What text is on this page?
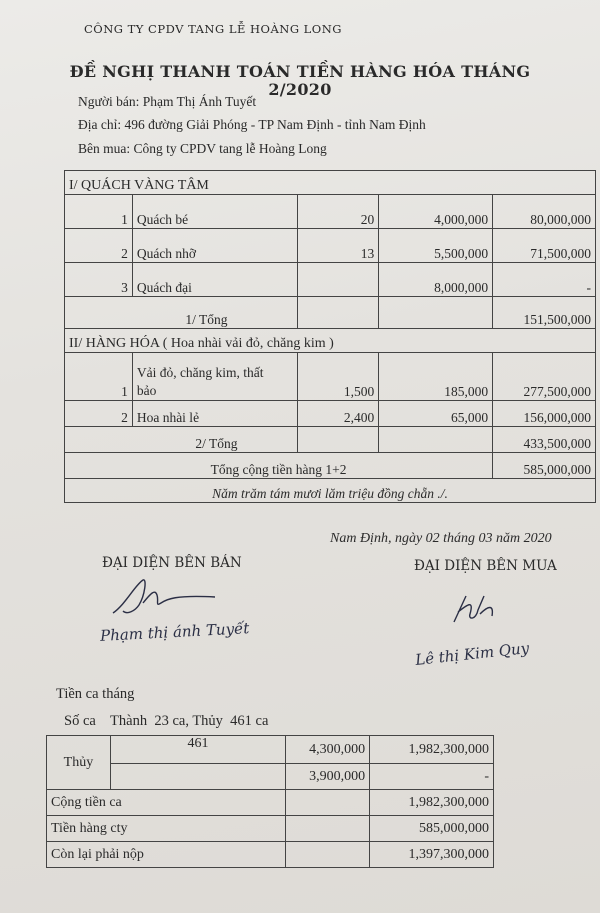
CÔNG TY CPDV TANG LỄ HOÀNG LONG
ĐỀ NGHỊ THANH TOÁN TIỀN HÀNG HÓA THÁNG
2/2020
Người bán: Phạm Thị Ánh Tuyết
Địa chỉ: 496 đường Giải Phóng - TP Nam Định - tỉnh Nam Định
Bên mua: Công ty CPDV tang lễ Hoàng Long
I/ QUÁCH VÀNG TÂM				
1	Quách bé	20	4,000,000	80,000,000
2	Quách nhỡ	13	5,500,000	71,500,000
3	Quách đại		8,000,000	-
1/ Tổng				151,500,000
II/ HÀNG HÓA ( Hoa nhài vải đỏ, chăng kim )				
1	Vải đỏ, chăng kim, thất
bảo	1,500	185,000	277,500,000
2	Hoa nhài lẻ	2,400	65,000	156,000,000
2/ Tổng				433,500,000
Tổng cộng tiền hàng 1+2				585,000,000
Năm trăm tám mươi lăm triệu đồng chẵn ./.				
Nam Định, ngày 02 tháng 03 năm 2020
ĐẠI DIỆN BÊN BÁN	ĐẠI DIỆN BÊN MUA
Phạm thị ánh Tuyết
Lê thị Kim Quy
Tiền ca tháng
Số ca    Thành  23 ca, Thủy  461 ca
Thủy	461	4,300,000	1,982,300,000
		3,900,000	-
Cộng tiền ca			1,982,300,000
Tiền hàng cty			585,000,000
Còn lại phải nộp			1,397,300,000
